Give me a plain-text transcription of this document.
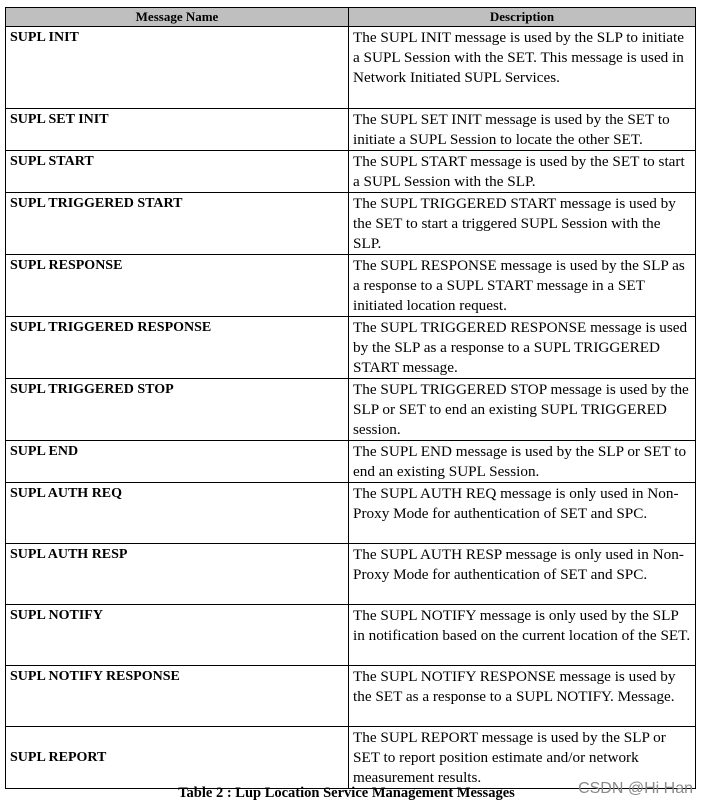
Message Name	Description
SUPL INIT	The SUPL INIT message is used by the SLP to initiate a SUPL Session with the SET. This message is used in Network Initiated SUPL Services.
SUPL SET INIT	The SUPL SET INIT message is used by the SET to initiate a SUPL Session to locate the other SET.
SUPL START	The SUPL START message is used by the SET to start a SUPL Session with the SLP.
SUPL TRIGGERED START	The SUPL TRIGGERED START message is used by the SET to start a triggered SUPL Session with the SLP.
SUPL RESPONSE	The SUPL RESPONSE message is used by the SLP as a response to a SUPL START message in a SET initiated location request.
SUPL TRIGGERED RESPONSE	The SUPL TRIGGERED RESPONSE message is used by the SLP as a response to a SUPL TRIGGERED START message.
SUPL TRIGGERED STOP	The SUPL TRIGGERED STOP message is used by the SLP or SET to end an existing SUPL TRIGGERED session.
SUPL END	The SUPL END message is used by the SLP or SET to end an existing SUPL Session.
SUPL AUTH REQ	The SUPL AUTH REQ message is only used in Non-Proxy Mode for authentication of SET and SPC.
SUPL AUTH RESP	The SUPL AUTH RESP message is only used in Non-Proxy Mode for authentication of SET and SPC.
SUPL NOTIFY	The SUPL NOTIFY message is only used by the SLP in notification based on the current location of the SET.
SUPL NOTIFY RESPONSE	The SUPL NOTIFY RESPONSE message is used by the SET as a response to a SUPL NOTIFY. Message.
SUPL REPORT	The SUPL REPORT message is used by the SLP or SET to report position estimate and/or network measurement results.
Table 2 : Lup Location Service Management Messages	CSDN @Hi Han
